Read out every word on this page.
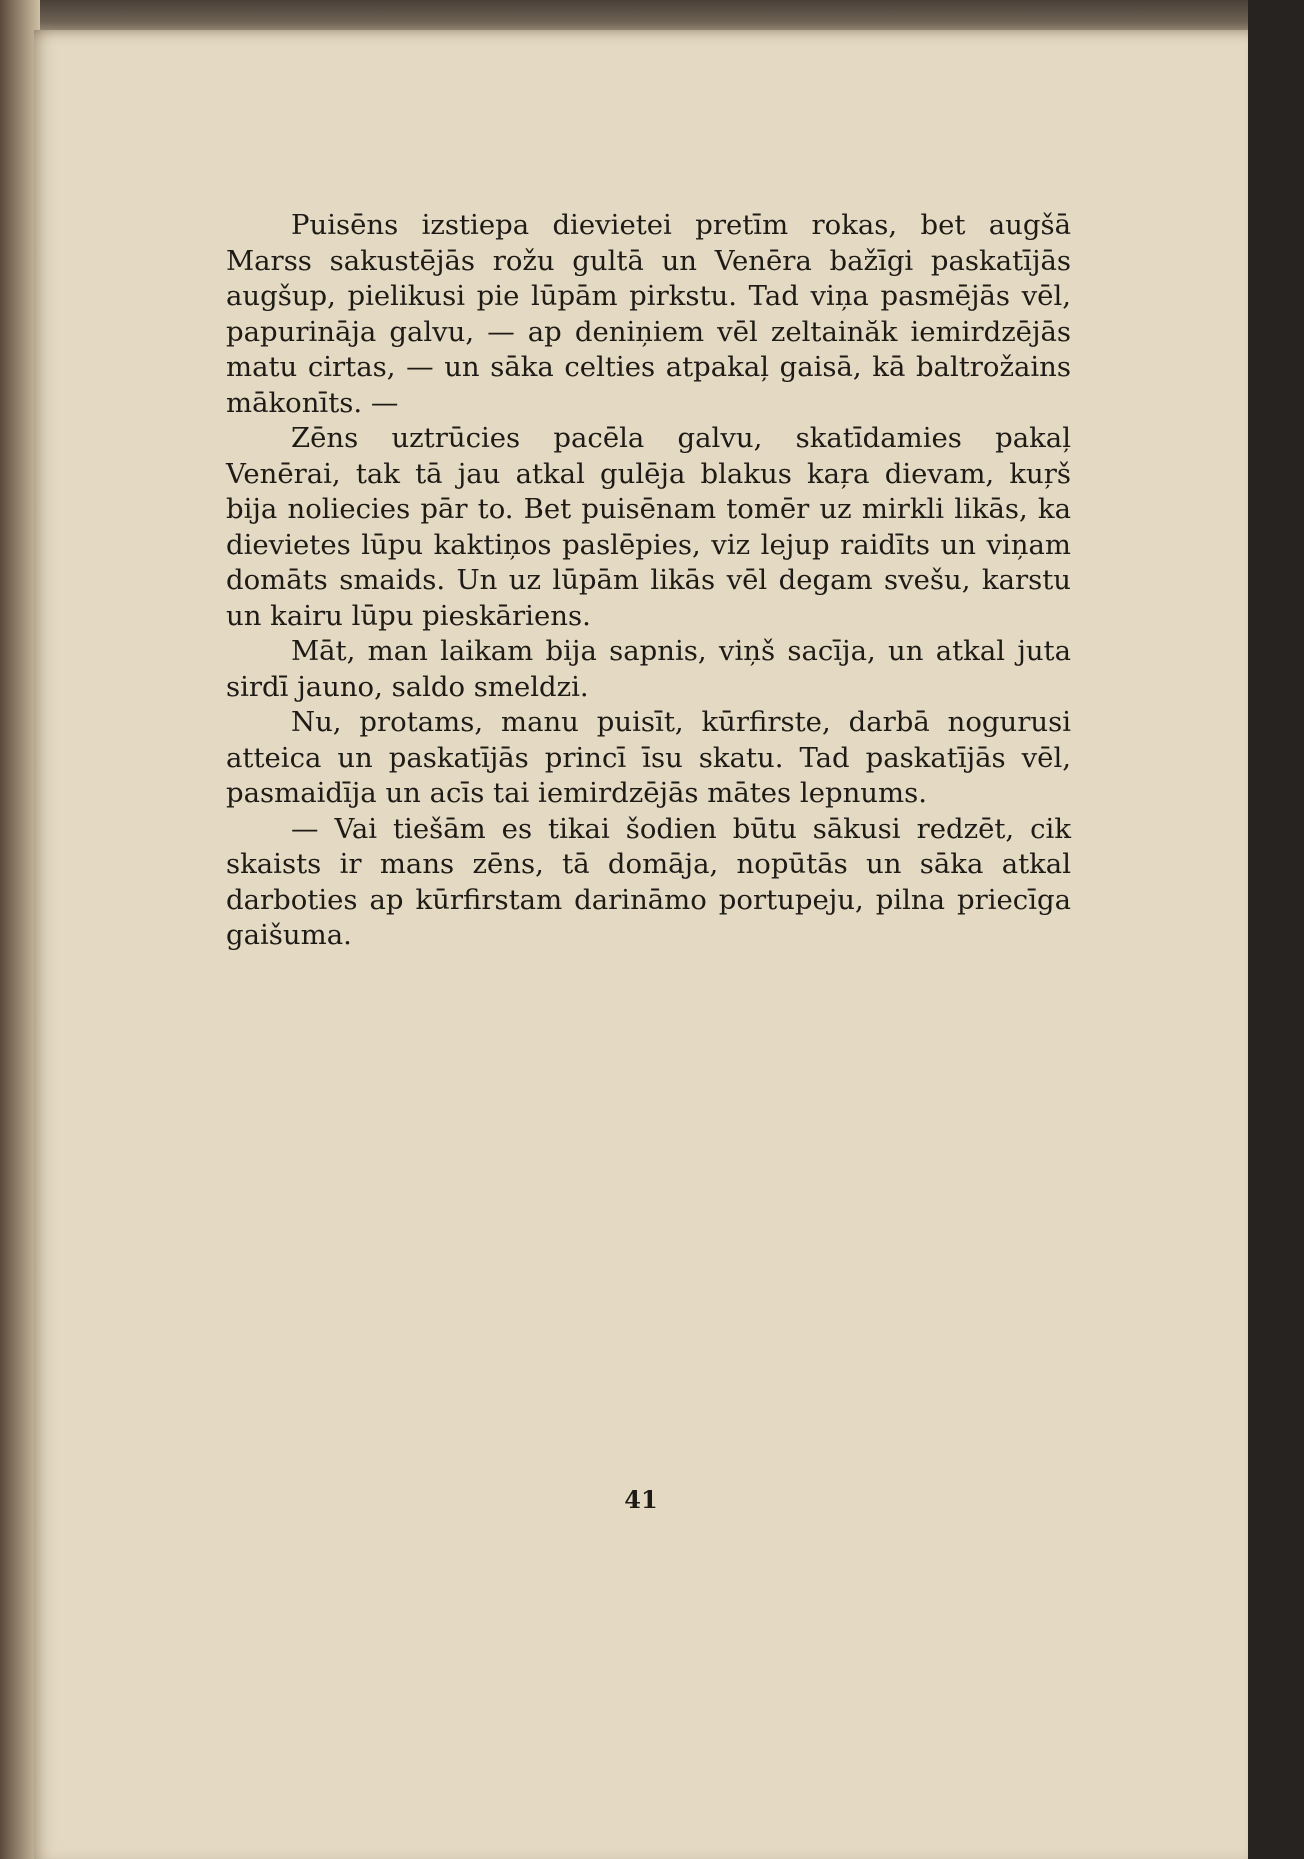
Puisēns izstiepa dievietei pretīm rokas, bet augšā Marss sakustējās rožu gultā un Venēra bažīgi paskatījās augšup, pielikusi pie lūpām pirkstu. Tad viņa pasmējās vēl, papurināja galvu, — ap deniņiem vēl zeltainăk iemirdzējās matu cirtas, — un sāka celties atpakaļ gaisā, kā baltrožains mākonīts. —

Zēns uztrūcies pacēla galvu, skatīdamies pakaļ Venērai, tak tā jau atkal gulēja blakus kaŗa dievam, kuŗš bija noliecies pār to. Bet puisēnam tomēr uz mirkli likās, ka dievietes lūpu kaktiņos paslēpies, viz lejup raidīts un viņam domāts smaids. Un uz lūpām likās vēl degam svešu, karstu un kairu lūpu pieskāriens.

Māt, man laikam bija sapnis, viņš sacīja, un atkal juta sirdī jauno, saldo smeldzi.

Nu, protams, manu puisīt, kūrfirste, darbā nogurusi atteica un paskatījās princī īsu skatu. Tad paskatījās vēl, pasmaidīja un acīs tai iemirdzējās mātes lepnums.

— Vai tiešām es tikai šodien būtu sākusi redzēt, cik skaists ir mans zēns, tā domāja, nopūtās un sāka atkal darboties ap kūrfirstam darināmo portupeju, pilna priecīga gaišuma.

41
